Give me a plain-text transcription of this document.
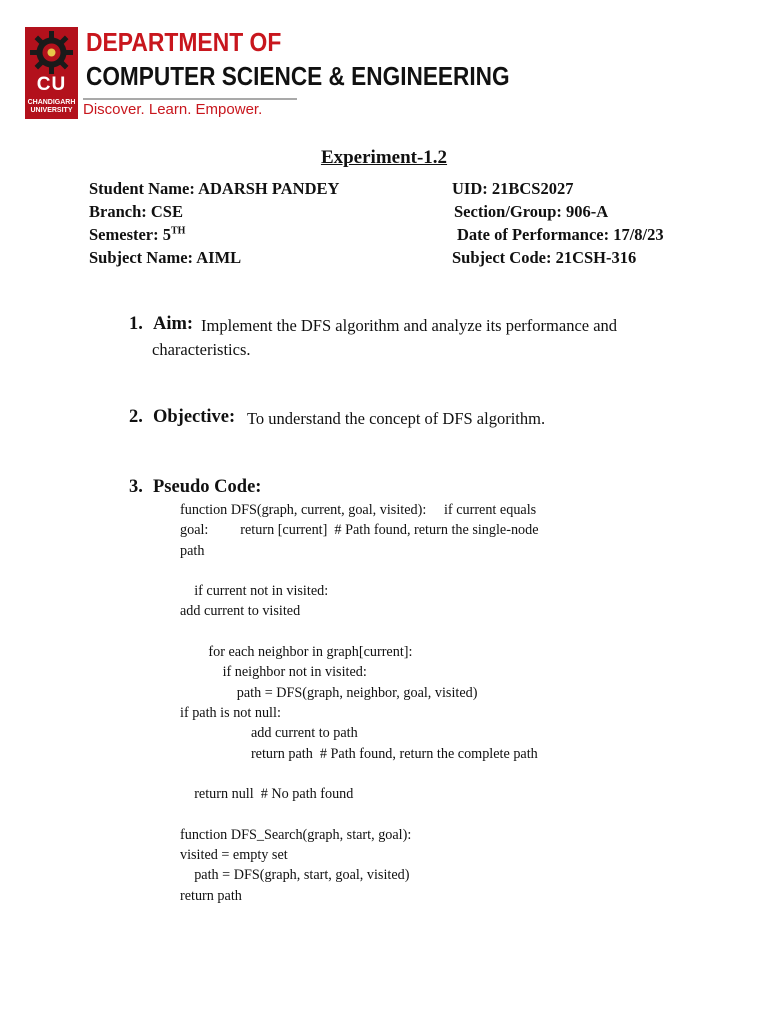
CU
CHANDIGARH UNIVERSITY
DEPARTMENT OF
COMPUTER SCIENCE & ENGINEERING
Discover. Learn. Empower.
Experiment-1.2
Student Name: ADARSH PANDEY	UID: 21BCS2027
Branch: CSE	Section/Group: 906-A
Semester: 5TH	Date of Performance: 17/8/23
Subject Name: AIML	Subject Code: 21CSH-316
1. Aim: Implement the DFS algorithm and analyze its performance and
characteristics.
2. Objective: To understand the concept of DFS algorithm.
3. Pseudo Code:
function DFS(graph, current, goal, visited):     if current equals
goal:         return [current]  # Path found, return the single-node
path
if current not in visited:
add current to visited
for each neighbor in graph[current]:
if neighbor not in visited:
path = DFS(graph, neighbor, goal, visited)
if path is not null:
add current to path
return path  # Path found, return the complete path
return null  # No path found
function DFS_Search(graph, start, goal):
visited = empty set
path = DFS(graph, start, goal, visited)
return path
